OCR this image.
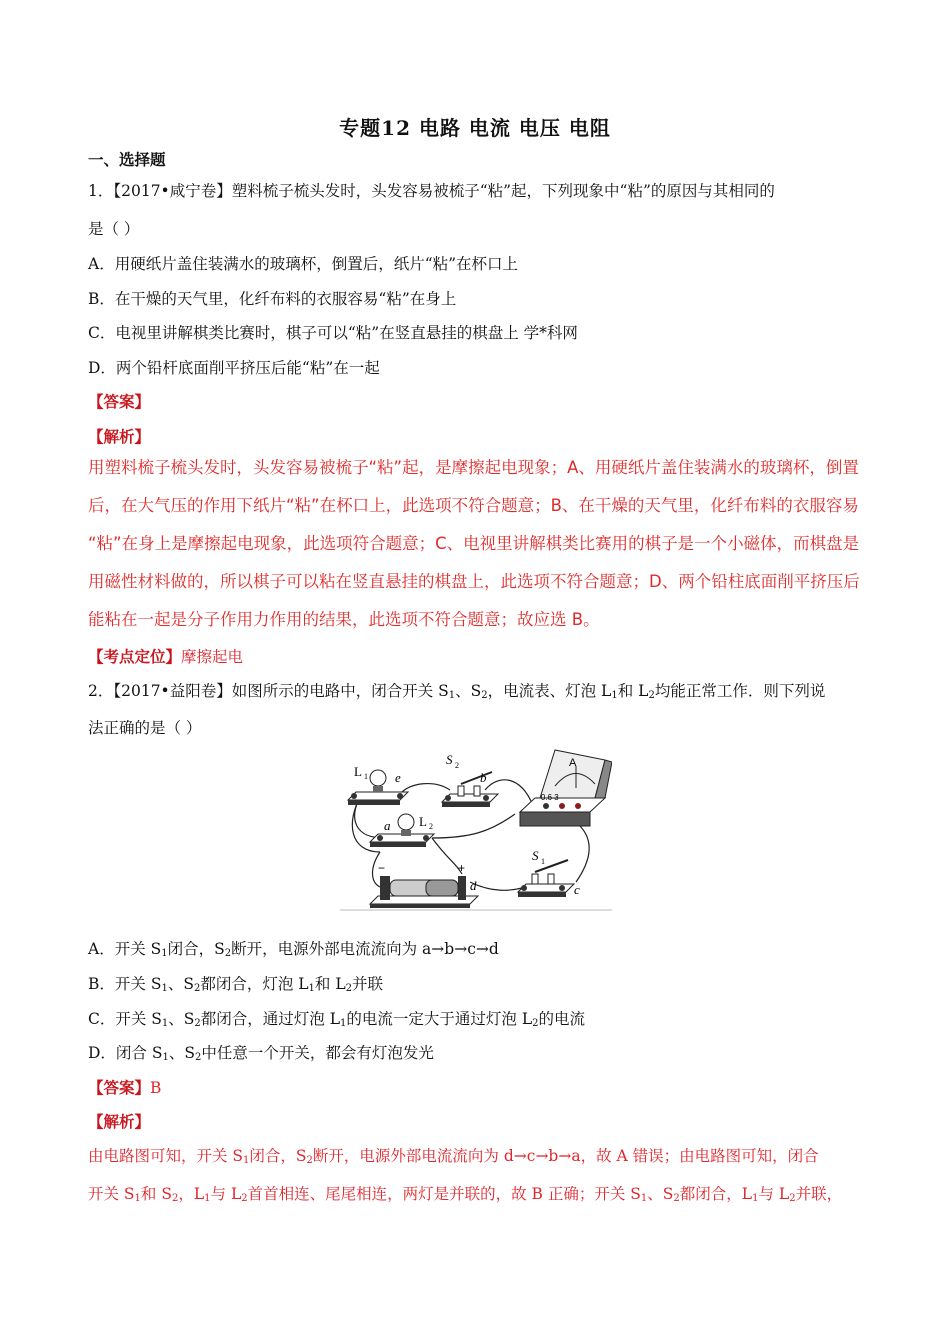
专题12 电路 电流 电压 电阻
一、选择题
1．【2017•咸宁卷】塑料梳子梳头发时，头发容易被梳子“粘”起，下列现象中“粘”的原因与其相同的
是（ ）
A．用硬纸片盖住装满水的玻璃杯，倒置后，纸片“粘”在杯口上
B．在干燥的天气里，化纤布料的衣服容易“粘”在身上
C．电视里讲解棋类比赛时，棋子可以“粘”在竖直悬挂的棋盘上 学*科网
D．两个铅杆底面削平挤压后能“粘”在一起
【答案】
【解析】
用塑料梳子梳头发时，头发容易被梳子“粘”起，是摩擦起电现象；A、用硬纸片盖住装满水的玻璃杯，倒置
后，在大气压的作用下纸片“粘”在杯口上，此选项不符合题意；B、在干燥的天气里，化纤布料的衣服容易
“粘”在身上是摩擦起电现象，此选项符合题意；C、电视里讲解棋类比赛用的棋子是一个小磁体，而棋盘是
用磁性材料做的，所以棋子可以粘在竖直悬挂的棋盘上，此选项不符合题意；D、两个铅柱底面削平挤压后
能粘在一起是分子作用力作用的结果，此选项不符合题意；故应选 B。
【考点定位】摩擦起电
2．【2017•益阳卷】如图所示的电路中，闭合开关 $S_1$、$S_2$，电流表、灯泡 $L_1$和 $L_2$均能正常工作．则下列说
法正确的是（ ）
L 1 e
S 2
b
A
- 0.6 3
a L 2
−	+
d
S 1
c
A．开关 $S_1$闭合，$S_2$断开，电源外部电流流向为 a→b→c→d
B．开关 $S_1$、$S_2$都闭合，灯泡 $L_1$和 $L_2$并联
C．开关 $S_1$、$S_2$都闭合，通过灯泡 $L_1$的电流一定大于通过灯泡 $L_2$的电流
D．闭合 $S_1$、$S_2$中任意一个开关，都会有灯泡发光
【答案】B
【解析】
由电路图可知，开关 $S_1$闭合，$S_2$断开，电源外部电流流向为 d→c→b→a，故 A 错误；由电路图可知，闭合
开关 $S_1$和 $S_2$，$L_1$与 $L_2$首首相连、尾尾相连，两灯是并联的，故 B 正确；开关 $S_1$、$S_2$都闭合，$L_1$与 $L_2$并联，
